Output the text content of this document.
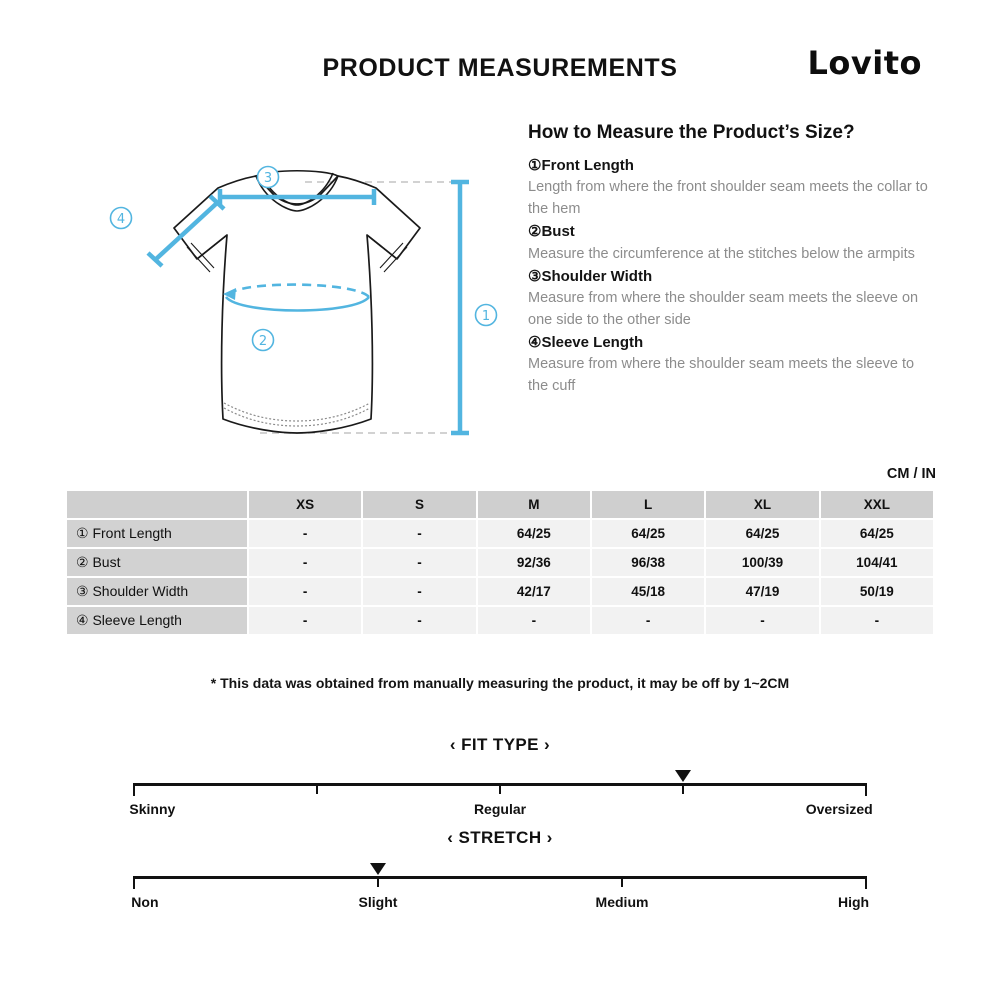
PRODUCT MEASUREMENTS	Lovito
3
1
4
2
How to Measure the Product’s Size?
①Front Length
Length from where the front shoulder seam meets the collar to the hem
②Bust
Measure the circumference at the stitches below the armpits
③Shoulder Width
Measure from where the shoulder seam meets the sleeve on one side to the other side
④Sleeve Length
Measure from where the shoulder seam meets the sleeve to the cuff
CM / IN
	XS	S	M	L	XL	XXL
① Front Length	-	-	64/25	64/25	64/25	64/25
② Bust	-	-	92/36	96/38	100/39	104/41
③ Shoulder Width	-	-	42/17	45/18	47/19	50/19
④ Sleeve Length	-	-	-	-	-	-
* This data was obtained from manually measuring the product, it may be off by 1~2CM
‹ FIT TYPE ›
Skinny	Regular	Oversized
‹ STRETCH ›
Non	Slight	Medium	High
